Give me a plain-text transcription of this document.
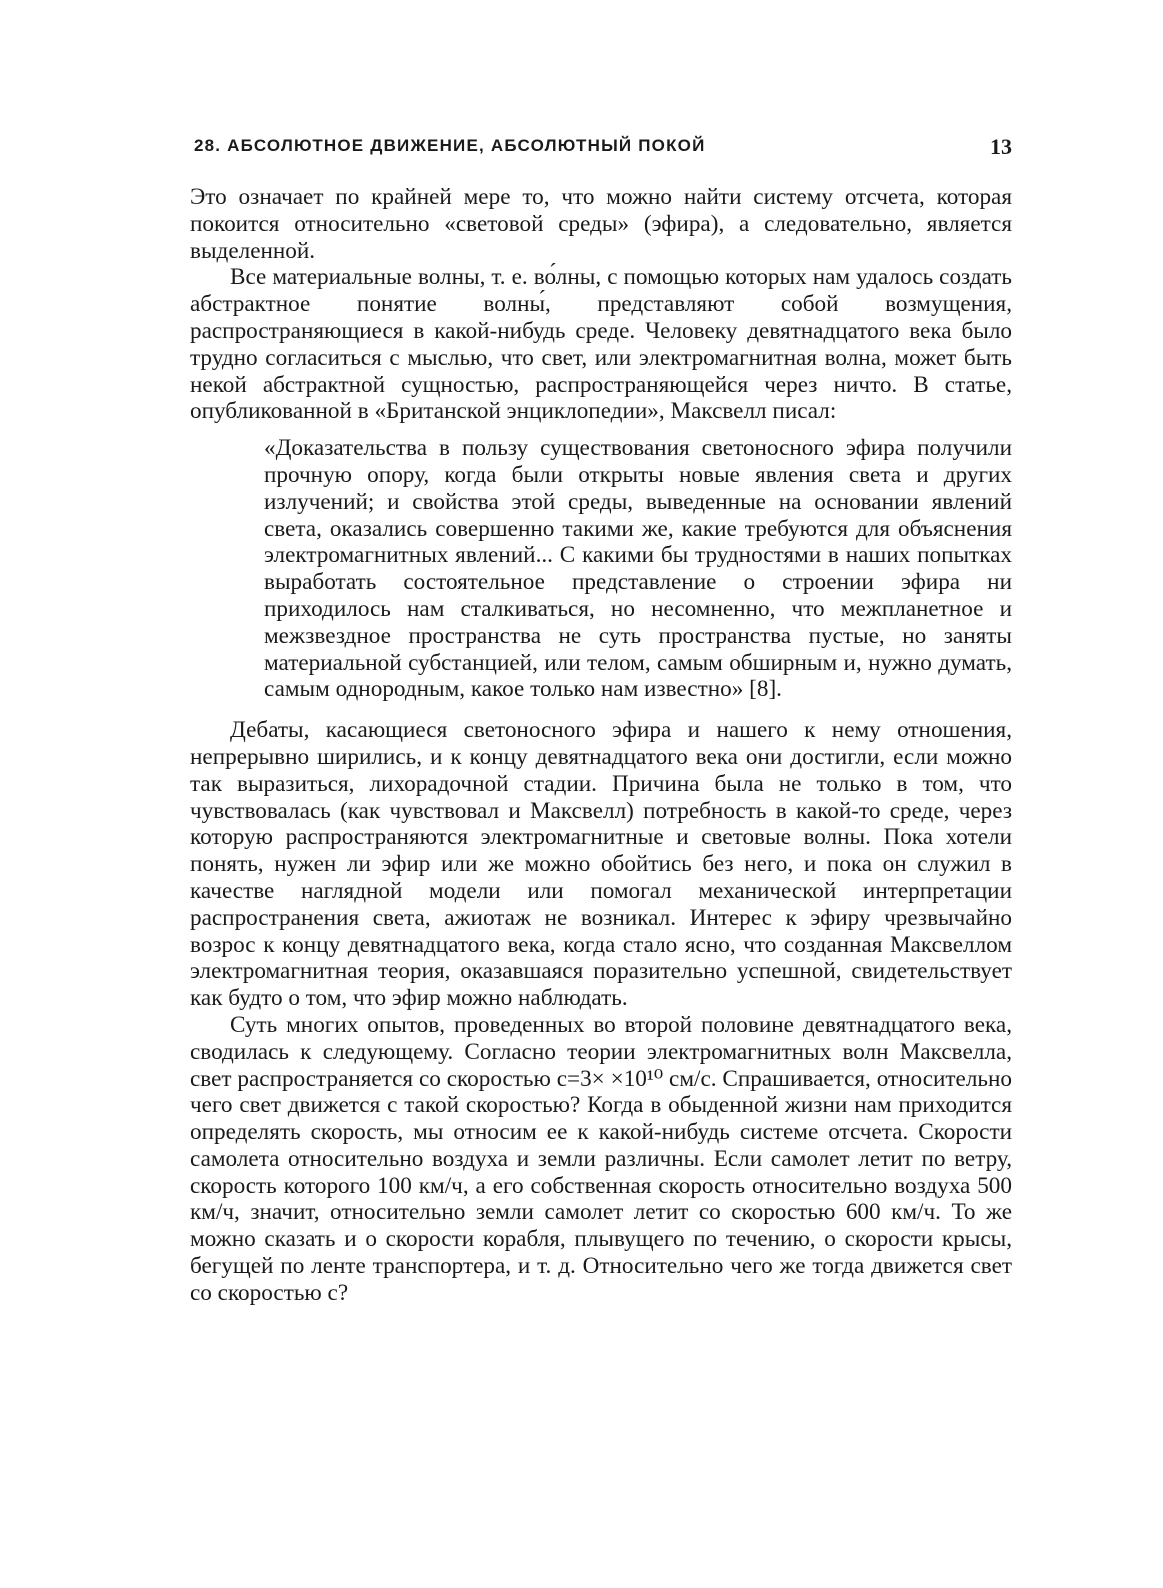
28. АБСОЛЮТНОЕ ДВИЖЕНИЕ, АБСОЛЮТНЫЙ ПОКОЙ	13

Это означает по крайней мере то, что можно найти систему отсчета, которая покоится относительно «световой среды» (эфира), а следовательно, является выделенной.

Все материальные волны, т. е. во́лны, с помощью которых нам удалось создать абстрактное понятие волны́, представляют собой возмущения, распространяющиеся в какой-нибудь среде. Человеку девятнадцатого века было трудно согласиться с мыслью, что свет, или электромагнитная волна, может быть некой абстрактной сущностью, распространяющейся через ничто. В статье, опубликованной в «Британской энциклопедии», Максвелл писал:

«Доказательства в пользу существования светоносного эфира получили прочную опору, когда были открыты новые явления света и других излучений; и свойства этой среды, выведенные на основании явлений света, оказались совершенно такими же, какие требуются для объяснения электромагнитных явлений... С какими бы трудностями в наших попытках выработать состоятельное представление о строении эфира ни приходилось нам сталкиваться, но несомненно, что межпланетное и межзвездное пространства не суть пространства пустые, но заняты материальной субстанцией, или телом, самым обширным и, нужно думать, самым однородным, какое только нам известно» [8].

Дебаты, касающиеся светоносного эфира и нашего к нему отношения, непрерывно ширились, и к концу девятнадцатого века они достигли, если можно так выразиться, лихорадочной стадии. Причина была не только в том, что чувствовалась (как чувствовал и Максвелл) потребность в какой-то среде, через которую распространяются электромагнитные и световые волны. Пока хотели понять, нужен ли эфир или же можно обойтись без него, и пока он служил в качестве наглядной модели или помогал механической интерпретации распространения света, ажиотаж не возникал. Интерес к эфиру чрезвычайно возрос к концу девятнадцатого века, когда стало ясно, что созданная Максвеллом электромагнитная теория, оказавшаяся поразительно успешной, свидетельствует как будто о том, что эфир можно наблюдать.

Суть многих опытов, проведенных во второй половине девятнадцатого века, сводилась к следующему. Согласно теории электромагнитных волн Максвелла, свет распространяется со скоростью c=3× ×10¹⁰ см/с. Спрашивается, относительно чего свет движется с такой скоростью? Когда в обыденной жизни нам приходится определять скорость, мы относим ее к какой-нибудь системе отсчета. Скорости самолета относительно воздуха и земли различны. Если самолет летит по ветру, скорость которого 100 км/ч, а его собственная скорость относительно воздуха 500 км/ч, значит, относительно земли самолет летит со скоростью 600 км/ч. То же можно сказать и о скорости корабля, плывущего по течению, о скорости крысы, бегущей по ленте транспортера, и т. д. Относительно чего же тогда движется свет со скоростью c?
